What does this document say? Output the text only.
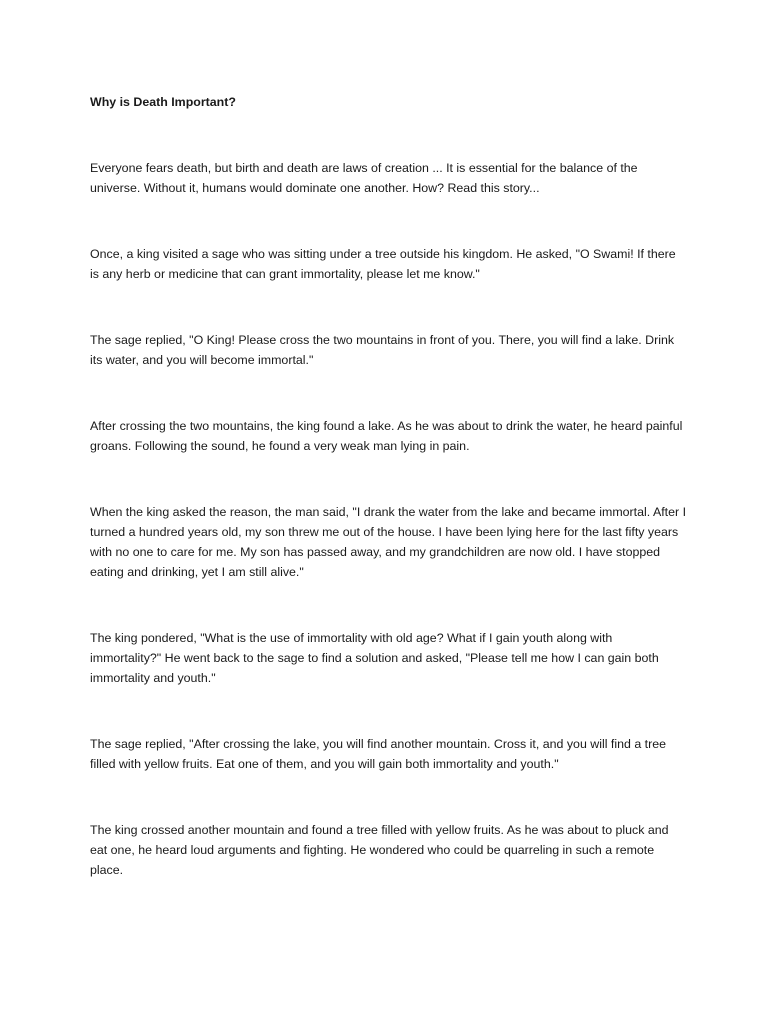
Why is Death Important?

Everyone fears death, but birth and death are laws of creation ... It is essential for the balance of the universe. Without it, humans would dominate one another. How? Read this story...

Once, a king visited a sage who was sitting under a tree outside his kingdom. He asked, "O Swami! If there is any herb or medicine that can grant immortality, please let me know."

The sage replied, "O King! Please cross the two mountains in front of you. There, you will find a lake. Drink its water, and you will become immortal."

After crossing the two mountains, the king found a lake. As he was about to drink the water, he heard painful groans. Following the sound, he found a very weak man lying in pain.

When the king asked the reason, the man said, "I drank the water from the lake and became immortal. After I turned a hundred years old, my son threw me out of the house. I have been lying here for the last fifty years with no one to care for me. My son has passed away, and my grandchildren are now old. I have stopped eating and drinking, yet I am still alive."

The king pondered, "What is the use of immortality with old age? What if I gain youth along with immortality?" He went back to the sage to find a solution and asked, "Please tell me how I can gain both immortality and youth."

The sage replied, "After crossing the lake, you will find another mountain. Cross it, and you will find a tree filled with yellow fruits. Eat one of them, and you will gain both immortality and youth."

The king crossed another mountain and found a tree filled with yellow fruits. As he was about to pluck and eat one, he heard loud arguments and fighting. He wondered who could be quarreling in such a remote place.
